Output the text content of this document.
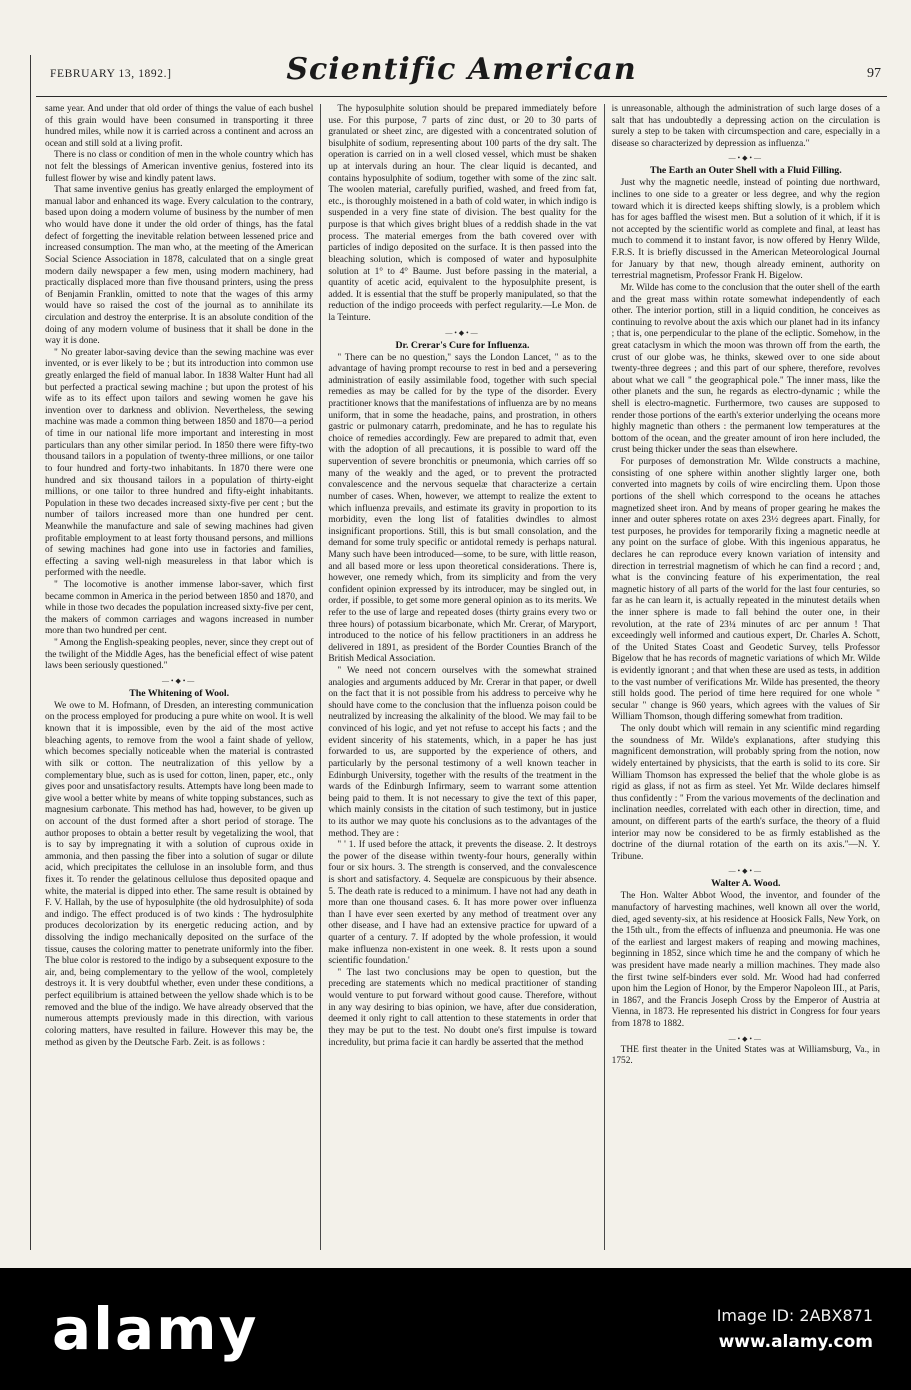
FEBRUARY 13, 1892.]	Scientific American	97

same year. And under that old order of things the value of each bushel of this grain would have been consumed in transporting it three hundred miles, while now it is carried across a continent and across an ocean and still sold at a living profit.

There is no class or condition of men in the whole country which has not felt the blessings of American inventive genius, fostered into its fullest flower by wise and kindly patent laws.

That same inventive genius has greatly enlarged the employment of manual labor and enhanced its wage. Every calculation to the contrary, based upon doing a modern volume of business by the number of men who would have done it under the old order of things, has the fatal defect of forgetting the inevitable relation between lessened price and increased consumption. The man who, at the meeting of the American Social Science Association in 1878, calculated that on a single great modern daily newspaper a few men, using modern machinery, had practically displaced more than five thousand printers, using the press of Benjamin Franklin, omitted to note that the wages of this army would have so raised the cost of the journal as to annihilate its circulation and destroy the enterprise. It is an absolute condition of the doing of any modern volume of business that it shall be done in the way it is done.

" No greater labor-saving device than the sewing machine was ever invented, or is ever likely to be ; but its introduction into common use greatly enlarged the field of manual labor. In 1838 Walter Hunt had all but perfected a practical sewing machine ; but upon the protest of his wife as to its effect upon tailors and sewing women he gave his invention over to darkness and oblivion. Nevertheless, the sewing machine was made a common thing between 1850 and 1870—a period of time in our national life more important and interesting in most particulars than any other similar period. In 1850 there were fifty-two thousand tailors in a population of twenty-three millions, or one tailor to four hundred and forty-two inhabitants. In 1870 there were one hundred and six thousand tailors in a population of thirty-eight millions, or one tailor to three hundred and fifty-eight inhabitants. Population in these two decades increased sixty-five per cent ; but the number of tailors increased more than one hundred per cent. Meanwhile the manufacture and sale of sewing machines had given profitable employment to at least forty thousand persons, and millions of sewing machines had gone into use in factories and families, effecting a saving well-nigh measureless in that labor which is performed with the needle.

" The locomotive is another immense labor-saver, which first became common in America in the period between 1850 and 1870, and while in those two decades the population increased sixty-five per cent, the makers of common carriages and wagons increased in number more than two hundred per cent.

" Among the English-speaking peoples, never, since they crept out of the twilight of the Middle Ages, has the beneficial effect of wise patent laws been seriously questioned."

—•◆•—
The Whitening of Wool.

We owe to M. Hofmann, of Dresden, an interesting communication on the process employed for producing a pure white on wool. It is well known that it is impossible, even by the aid of the most active bleaching agents, to remove from the wool a faint shade of yellow, which becomes specially noticeable when the material is contrasted with silk or cotton. The neutralization of this yellow by a complementary blue, such as is used for cotton, linen, paper, etc., only gives poor and unsatisfactory results. Attempts have long been made to give wool a better white by means of white topping substances, such as magnesium carbonate. This method has had, however, to be given up on account of the dust formed after a short period of storage. The author proposes to obtain a better result by vegetalizing the wool, that is to say by impregnating it with a solution of cuprous oxide in ammonia, and then passing the fiber into a solution of sugar or dilute acid, which precipitates the cellulose in an insoluble form, and thus fixes it. To render the gelatinous cellulose thus deposited opaque and white, the material is dipped into ether. The same result is obtained by F. V. Hallah, by the use of hyposulphite (the old hydrosulphite) of soda and indigo. The effect produced is of two kinds : The hydrosulphite produces decolorization by its energetic reducing action, and by dissolving the indigo mechanically deposited on the surface of the tissue, causes the coloring matter to penetrate uniformly into the fiber. The blue color is restored to the indigo by a subsequent exposure to the air, and, being complementary to the yellow of the wool, completely destroys it. It is very doubtful whether, even under these conditions, a perfect equilibrium is attained between the yellow shade which is to be removed and the blue of the indigo. We have already observed that the numerous attempts previously made in this direction, with various coloring matters, have resulted in failure. However this may be, the method as given by the Deutsche Farb. Zeit. is as follows :

The hyposulphite solution should be prepared immediately before use. For this purpose, 7 parts of zinc dust, or 20 to 30 parts of granulated or sheet zinc, are digested with a concentrated solution of bisulphite of sodium, representing about 100 parts of the dry salt. The operation is carried on in a well closed vessel, which must be shaken up at intervals during an hour. The clear liquid is decanted, and contains hyposulphite of sodium, together with some of the zinc salt. The woolen material, carefully purified, washed, and freed from fat, etc., is thoroughly moistened in a bath of cold water, in which indigo is suspended in a very fine state of division. The best quality for the purpose is that which gives bright blues of a reddish shade in the vat process. The material emerges from the bath covered over with particles of indigo deposited on the surface. It is then passed into the bleaching solution, which is composed of water and hyposulphite solution at 1° to 4° Baume. Just before passing in the material, a quantity of acetic acid, equivalent to the hyposulphite present, is added. It is essential that the stuff be properly manipulated, so that the reduction of the indigo proceeds with perfect regularity.—Le Mon. de la Teinture.

—•◆•—
Dr. Crerar's Cure for Influenza.

" There can be no question," says the London Lancet, " as to the advantage of having prompt recourse to rest in bed and a persevering administration of easily assimilable food, together with such special remedies as may be called for by the type of the disorder. Every practitioner knows that the manifestations of influenza are by no means uniform, that in some the headache, pains, and prostration, in others gastric or pulmonary catarrh, predominate, and he has to regulate his choice of remedies accordingly. Few are prepared to admit that, even with the adoption of all precautions, it is possible to ward off the supervention of severe bronchitis or pneumonia, which carries off so many of the weakly and the aged, or to prevent the protracted convalescence and the nervous sequelæ that characterize a certain number of cases. When, however, we attempt to realize the extent to which influenza prevails, and estimate its gravity in proportion to its morbidity, even the long list of fatalities dwindles to almost insignificant proportions. Still, this is but small consolation, and the demand for some truly specific or antidotal remedy is perhaps natural. Many such have been introduced—some, to be sure, with little reason, and all based more or less upon theoretical considerations. There is, however, one remedy which, from its simplicity and from the very confident opinion expressed by its introducer, may be singled out, in order, if possible, to get some more general opinion as to its merits. We refer to the use of large and repeated doses (thirty grains every two or three hours) of potassium bicarbonate, which Mr. Crerar, of Maryport, introduced to the notice of his fellow practitioners in an address he delivered in 1891, as president of the Border Counties Branch of the British Medical Association.

" We need not concern ourselves with the somewhat strained analogies and arguments adduced by Mr. Crerar in that paper, or dwell on the fact that it is not possible from his address to perceive why he should have come to the conclusion that the influenza poison could be neutralized by increasing the alkalinity of the blood. We may fail to be convinced of his logic, and yet not refuse to accept his facts ; and the evident sincerity of his statements, which, in a paper he has just forwarded to us, are supported by the experience of others, and particularly by the personal testimony of a well known teacher in Edinburgh University, together with the results of the treatment in the wards of the Edinburgh Infirmary, seem to warrant some attention being paid to them. It is not necessary to give the text of this paper, which mainly consists in the citation of such testimony, but in justice to its author we may quote his conclusions as to the advantages of the method. They are :

" ' 1. If used before the attack, it prevents the disease. 2. It destroys the power of the disease within twenty-four hours, generally within four or six hours. 3. The strength is conserved, and the convalescence is short and satisfactory. 4. Sequelæ are conspicuous by their absence. 5. The death rate is reduced to a minimum. I have not had any death in more than one thousand cases. 6. It has more power over influenza than I have ever seen exerted by any method of treatment over any other disease, and I have had an extensive practice for upward of a quarter of a century. 7. If adopted by the whole profession, it would make influenza non-existent in one week. 8. It rests upon a sound scientific foundation.'

" The last two conclusions may be open to question, but the preceding are statements which no medical practitioner of standing would venture to put forward without good cause. Therefore, without in any way desiring to bias opinion, we have, after due consideration, deemed it only right to call attention to these statements in order that they may be put to the test. No doubt one's first impulse is toward incredulity, but prima facie it can hardly be asserted that the method

is unreasonable, although the administration of such large doses of a salt that has undoubtedly a depressing action on the circulation is surely a step to be taken with circumspection and care, especially in a disease so characterized by depression as influenza."

—•◆•—
The Earth an Outer Shell with a Fluid Filling.

Just why the magnetic needle, instead of pointing due northward, inclines to one side to a greater or less degree, and why the region toward which it is directed keeps shifting slowly, is a problem which has for ages baffled the wisest men. But a solution of it which, if it is not accepted by the scientific world as complete and final, at least has much to commend it to instant favor, is now offered by Henry Wilde, F.R.S. It is briefly discussed in the American Meteorological Journal for January by that new, though already eminent, authority on terrestrial magnetism, Professor Frank H. Bigelow.

Mr. Wilde has come to the conclusion that the outer shell of the earth and the great mass within rotate somewhat independently of each other. The interior portion, still in a liquid condition, he conceives as continuing to revolve about the axis which our planet had in its infancy ; that is, one perpendicular to the plane of the ecliptic. Somehow, in the great cataclysm in which the moon was thrown off from the earth, the crust of our globe was, he thinks, skewed over to one side about twenty-three degrees ; and this part of our sphere, therefore, revolves about what we call " the geographical pole." The inner mass, like the other planets and the sun, he regards as electro-dynamic ; while the shell is electro-magnetic. Furthermore, two causes are supposed to render those portions of the earth's exterior underlying the oceans more highly magnetic than others : the permanent low temperatures at the bottom of the ocean, and the greater amount of iron here included, the crust being thicker under the seas than elsewhere.

For purposes of demonstration Mr. Wilde constructs a machine, consisting of one sphere within another slightly larger one, both converted into magnets by coils of wire encircling them. Upon those portions of the shell which correspond to the oceans he attaches magnetized sheet iron. And by means of proper gearing he makes the inner and outer spheres rotate on axes 23½ degrees apart. Finally, for test purposes, he provides for temporarily fixing a magnetic needle at any point on the surface of globe. With this ingenious apparatus, he declares he can reproduce every known variation of intensity and direction in terrestrial magnetism of which he can find a record ; and, what is the convincing feature of his experimentation, the real magnetic history of all parts of the world for the last four centuries, so far as he can learn it, is actually repeated in the minutest details when the inner sphere is made to fall behind the outer one, in their revolution, at the rate of 23¼ minutes of arc per annum ! That exceedingly well informed and cautious expert, Dr. Charles A. Schott, of the United States Coast and Geodetic Survey, tells Professor Bigelow that he has records of magnetic variations of which Mr. Wilde is evidently ignorant ; and that when these are used as tests, in addition to the vast number of verifications Mr. Wilde has presented, the theory still holds good. The period of time here required for one whole " secular " change is 960 years, which agrees with the values of Sir William Thomson, though differing somewhat from tradition.

The only doubt which will remain in any scientific mind regarding the soundness of Mr. Wilde's explanations, after studying this magnificent demonstration, will probably spring from the notion, now widely entertained by physicists, that the earth is solid to its core. Sir William Thomson has expressed the belief that the whole globe is as rigid as glass, if not as firm as steel. Yet Mr. Wilde declares himself thus confidently : " From the various movements of the declination and inclination needles, correlated with each other in direction, time, and amount, on different parts of the earth's surface, the theory of a fluid interior may now be considered to be as firmly established as the doctrine of the diurnal rotation of the earth on its axis."—N. Y. Tribune.

—•◆•—
Walter A. Wood.

The Hon. Walter Abbot Wood, the inventor, and founder of the manufactory of harvesting machines, well known all over the world, died, aged seventy-six, at his residence at Hoosick Falls, New York, on the 15th ult., from the effects of influenza and pneumonia. He was one of the earliest and largest makers of reaping and mowing machines, beginning in 1852, since which time he and the company of which he was president have made nearly a million machines. They made also the first twine self-binders ever sold. Mr. Wood had had conferred upon him the Legion of Honor, by the Emperor Napoleon III., at Paris, in 1867, and the Francis Joseph Cross by the Emperor of Austria at Vienna, in 1873. He represented his district in Congress for four years from 1878 to 1882.

—•◆•—

THE first theater in the United States was at Williamsburg, Va., in 1752.

alamy	Image ID: 2ABX871
www.alamy.com
